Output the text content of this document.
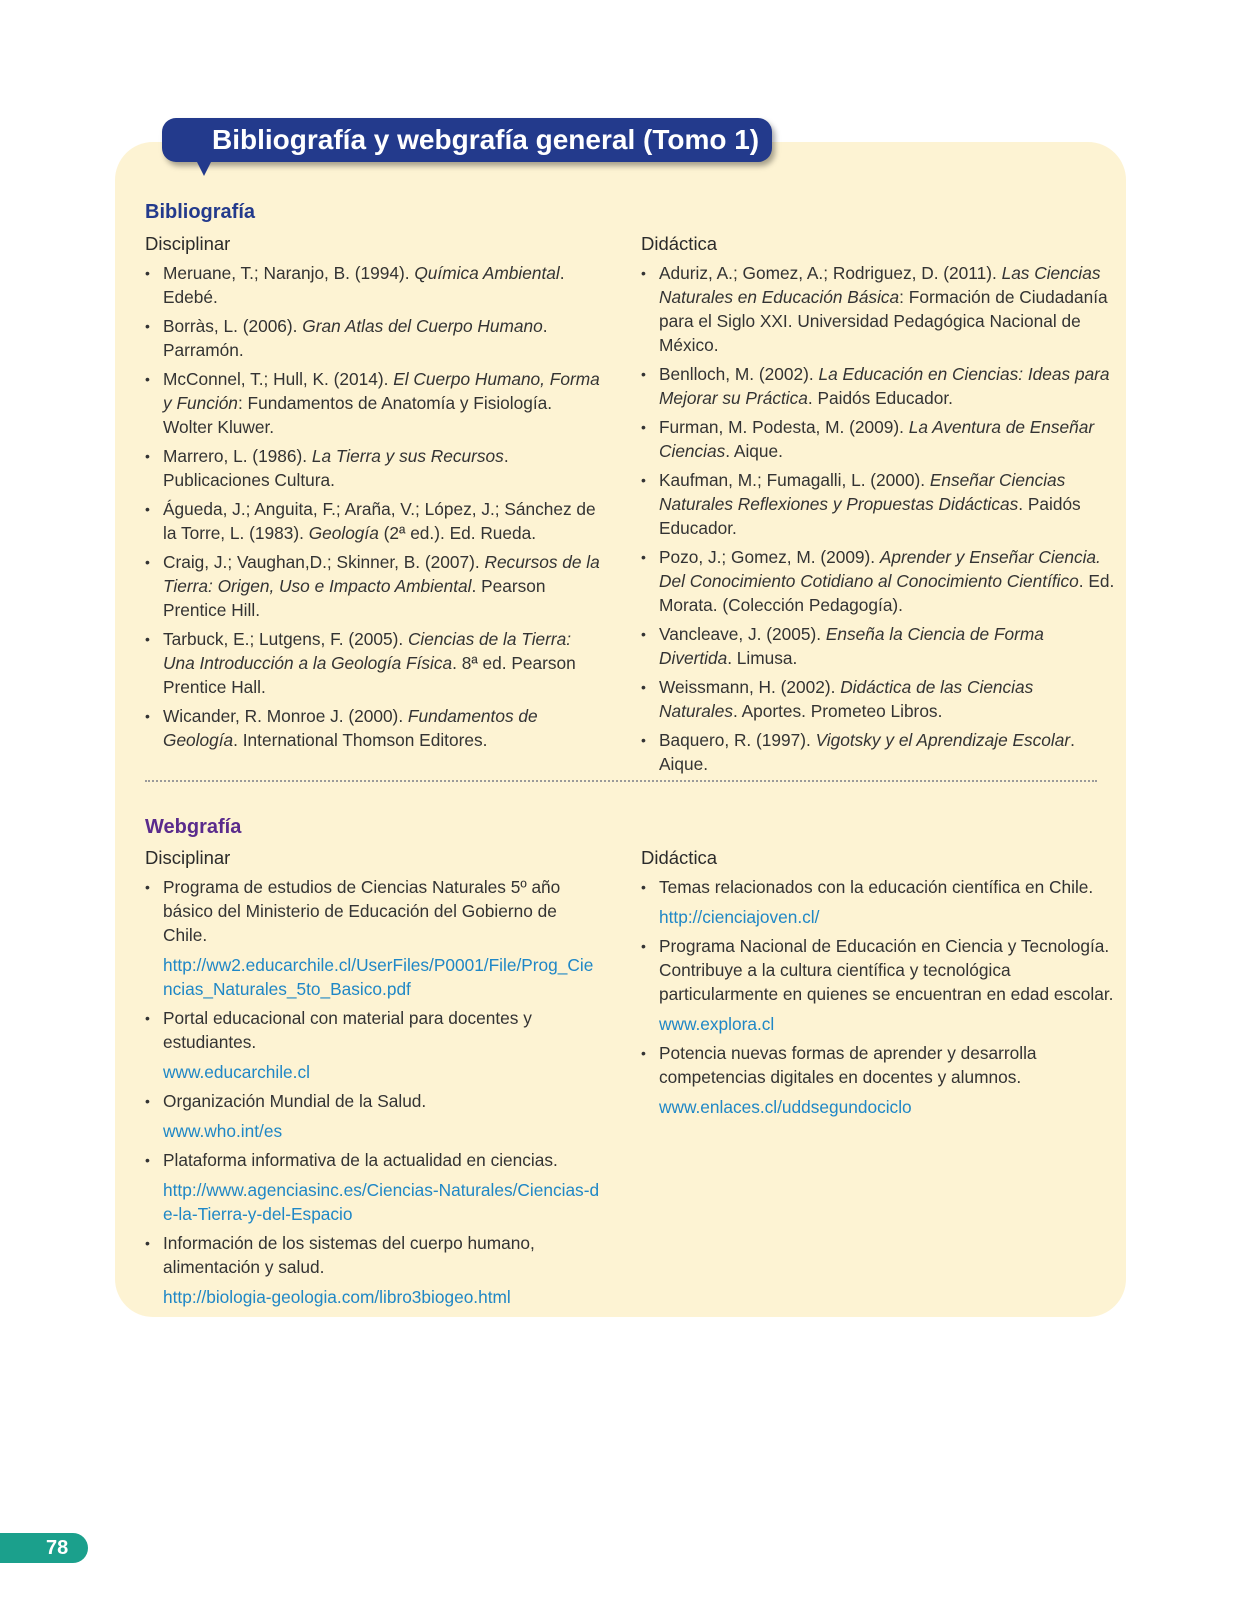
Bibliografía y webgrafía general (Tomo 1)
Bibliografía
Disciplinar
• Meruane, T.; Naranjo, B. (1994). Química Ambiental. Edebé.
• Borràs, L. (2006). Gran Atlas del Cuerpo Humano. Parramón.
• McConnel, T.; Hull, K. (2014). El Cuerpo Humano, Forma y Función: Fundamentos de Anatomía y Fisiología. Wolter Kluwer.
• Marrero, L. (1986). La Tierra y sus Recursos. Publicaciones Cultura.
• Águeda, J.; Anguita, F.; Araña, V.; López, J.; Sánchez de la Torre, L. (1983). Geología (2ª ed.). Ed. Rueda.
• Craig, J.; Vaughan,D.; Skinner, B. (2007). Recursos de la Tierra: Origen, Uso e Impacto Ambiental. Pearson Prentice Hill.
• Tarbuck, E.; Lutgens, F. (2005). Ciencias de la Tierra: Una Introducción a la Geología Física. 8ª ed. Pearson Prentice Hall.
• Wicander, R. Monroe J. (2000). Fundamentos de Geología. International Thomson Editores.
Didáctica
• Aduriz, A.; Gomez, A.; Rodriguez, D. (2011). Las Ciencias Naturales en Educación Básica: Formación de Ciudadanía para el Siglo XXI. Universidad Pedagógica Nacional de México.
• Benlloch, M. (2002). La Educación en Ciencias: Ideas para Mejorar su Práctica. Paidós Educador.
• Furman, M. Podesta, M. (2009). La Aventura de Enseñar Ciencias. Aique.
• Kaufman, M.; Fumagalli, L. (2000). Enseñar Ciencias Naturales Reflexiones y Propuestas Didácticas. Paidós Educador.
• Pozo, J.; Gomez, M. (2009). Aprender y Enseñar Ciencia. Del Conocimiento Cotidiano al Conocimiento Científico. Ed. Morata. (Colección Pedagogía).
• Vancleave, J. (2005). Enseña la Ciencia de Forma Divertida. Limusa.
• Weissmann, H. (2002). Didáctica de las Ciencias Naturales. Aportes. Prometeo Libros.
• Baquero, R. (1997). Vigotsky y el Aprendizaje Escolar. Aique.
Webgrafía
Disciplinar
• Programa de estudios de Ciencias Naturales 5º año básico del Ministerio de Educación del Gobierno de Chile.
http://ww2.educarchile.cl/UserFiles/P0001/File/Prog_Ciencias_Naturales_5to_Basico.pdf
• Portal educacional con material para docentes y estudiantes.
www.educarchile.cl
• Organización Mundial de la Salud.
www.who.int/es
• Plataforma informativa de la actualidad en ciencias.
http://www.agenciasinc.es/Ciencias-Naturales/Ciencias-de-la-Tierra-y-del-Espacio
• Información de los sistemas del cuerpo humano, alimentación y salud.
http://biologia-geologia.com/libro3biogeo.html
Didáctica
• Temas relacionados con la educación científica en Chile.
http://cienciajoven.cl/
• Programa Nacional de Educación en Ciencia y Tecnología. Contribuye a la cultura científica y tecnológica particularmente en quienes se encuentran en edad escolar.
www.explora.cl
• Potencia nuevas formas de aprender y desarrolla competencias digitales en docentes y alumnos.
www.enlaces.cl/uddsegundociclo
78
